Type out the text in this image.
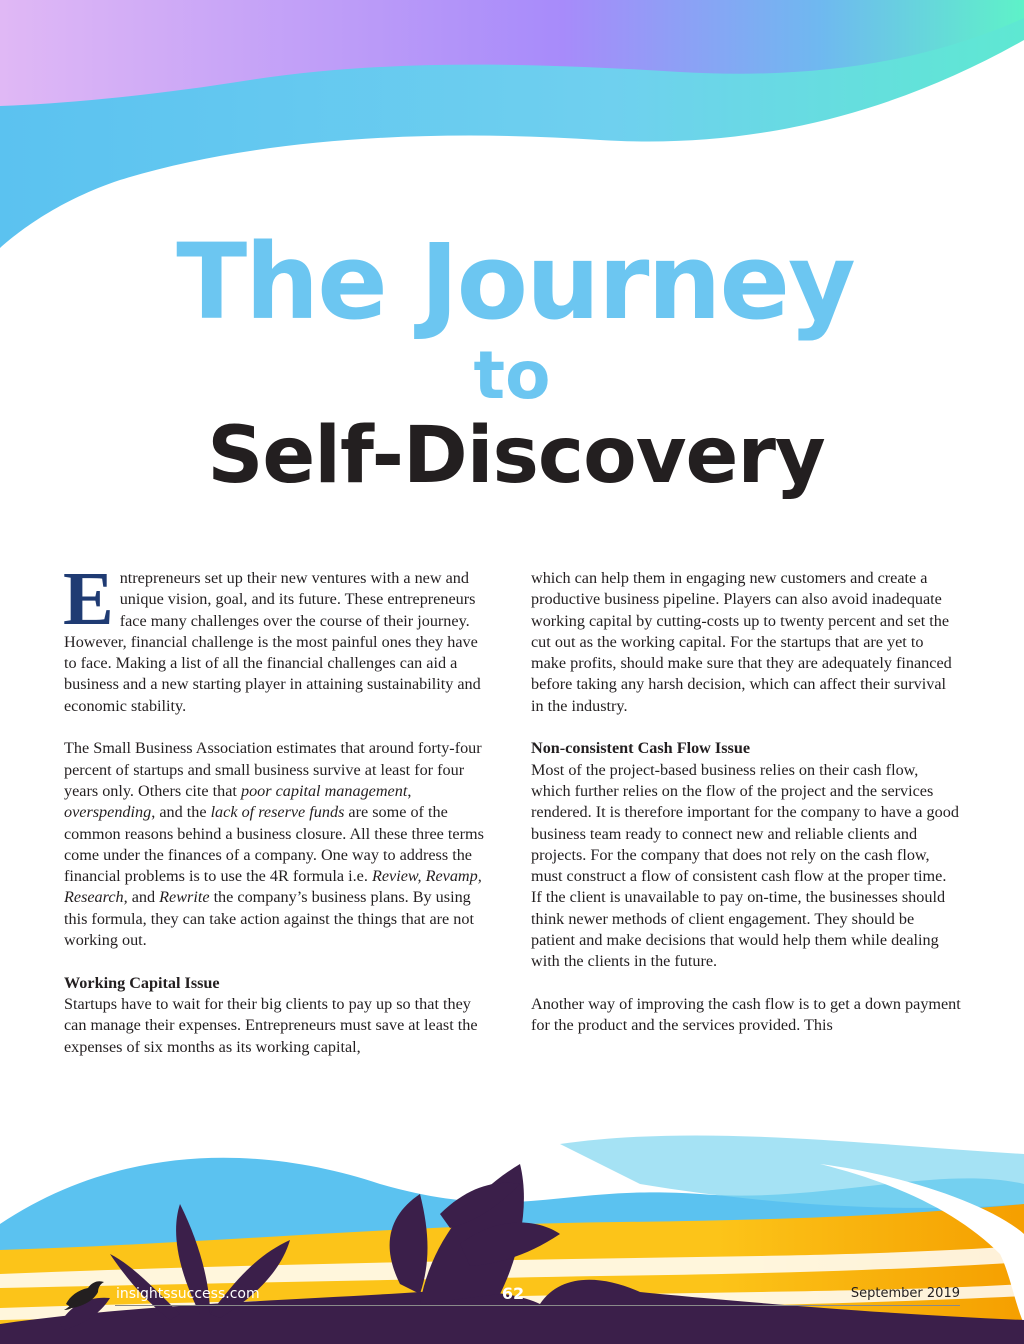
The Journey
to
Self-Discovery

Entrepreneurs set up their new ventures with a new and unique vision, goal, and its future. These entrepreneurs face many challenges over the course of their journey. However, financial challenge is the most painful ones they have to face. Making a list of all the financial challenges can aid a business and a new starting player in attaining sustainability and economic stability.

The Small Business Association estimates that around forty-four percent of startups and small business survive at least for four years only. Others cite that poor capital management, overspending, and the lack of reserve funds are some of the common reasons behind a business closure. All these three terms come under the finances of a company. One way to address the financial problems is to use the 4R formula i.e. Review, Revamp, Research, and Rewrite the company’s business plans. By using this formula, they can take action against the things that are not working out.

Working Capital Issue

Startups have to wait for their big clients to pay up so that they can manage their expenses. Entrepreneurs must save at least the expenses of six months as its working capital,

which can help them in engaging new customers and create a productive business pipeline. Players can also avoid inadequate working capital by cutting-costs up to twenty percent and set the cut out as the working capital. For the startups that are yet to make profits, should make sure that they are adequately financed before taking any harsh decision, which can affect their survival in the industry.

Non-consistent Cash Flow Issue

Most of the project-based business relies on their cash flow, which further relies on the flow of the project and the services rendered. It is therefore important for the company to have a good business team ready to connect new and reliable clients and projects. For the company that does not rely on the cash flow, must construct a flow of consistent cash flow at the proper time. If the client is unavailable to pay on-time, the businesses should think newer methods of client engagement. They should be patient and make decisions that would help them while dealing with the clients in the future.

Another way of improving the cash flow is to get a down payment for the product and the services provided. This

insightssuccess.com	62	September 2019
